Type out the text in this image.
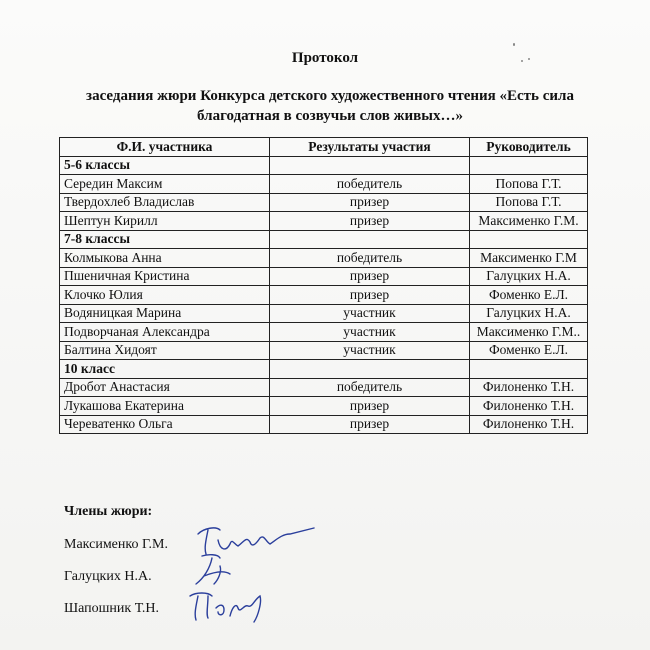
Протокол
заседания жюри Конкурса детского художественного чтения «Есть сила
благодатная в созвучьи слов живых…»
Ф.И. участника	Результаты участия	Руководитель
5-6 классы		
Середин Максим	победитель	Попова Г.Т.
Твердохлеб Владислав	призер	Попова Г.Т.
Шептун Кирилл	призер	Максименко Г.М.
7-8 классы		
Колмыкова Анна	победитель	Максименко Г.М
Пшеничная Кристина	призер	Галуцких Н.А.
Клочко Юлия	призер	Фоменко Е.Л.
Водяницкая Марина	участник	Галуцких Н.А.
Подворчаная Александра	участник	Максименко Г.М..
Балтина Хидоят	участник	Фоменко Е.Л.
10 класс		
Дробот Анастасия	победитель	Филоненко Т.Н.
Лукашова Екатерина	призер	Филоненко Т.Н.
Череватенко Ольга	призер	Филоненко Т.Н.
Члены жюри:
Максименко Г.М.
Галуцких Н.А.
Шапошник Т.Н.
